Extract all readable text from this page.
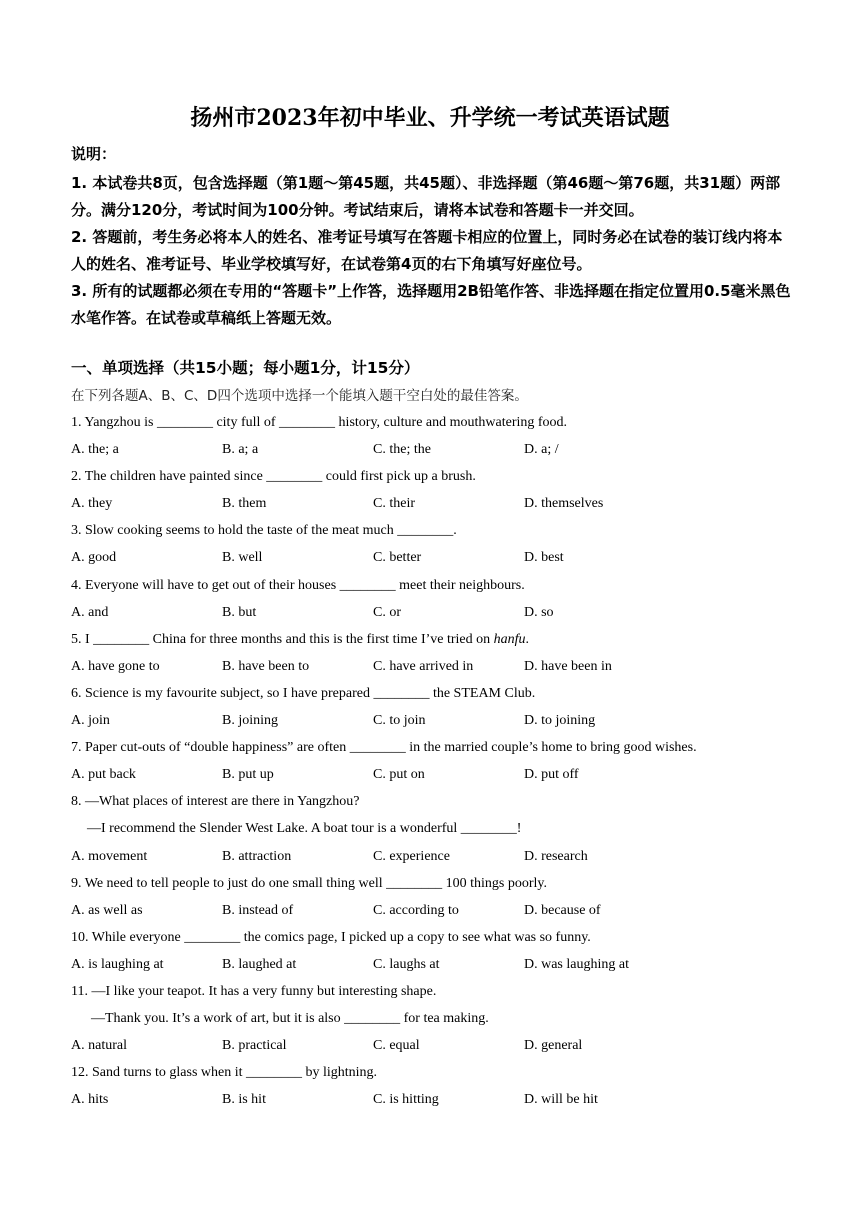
扬州市2023年初中毕业、升学统一考试英语试题
说明：

1. 本试卷共8页，包含选择题（第1题～第45题，共45题）、非选择题（第46题～第76题，共31题）两部分。满分120分，考试时间为100分钟。考试结束后，请将本试卷和答题卡一并交回。

2. 答题前，考生务必将本人的姓名、准考证号填写在答题卡相应的位置上，同时务必在试卷的装订线内将本人的姓名、准考证号、毕业学校填写好，在试卷第4页的右下角填写好座位号。

3. 所有的试题都必须在专用的“答题卡”上作答，选择题用2B铅笔作答、非选择题在指定位置用0.5毫米黑色水笔作答。在试卷或草稿纸上答题无效。

一、单项选择（共15小题；每小题1分，计15分）
在下列各题A、B、C、D四个选项中选择一个能填入题干空白处的最佳答案。
1. Yangzhou is ________ city full of ________ history, culture and mouthwatering food.
A. the; a	B. a; a	C. the; the	D. a; /
2. The children have painted since ________ could first pick up a brush.
A. they	B. them	C. their	D. themselves
3. Slow cooking seems to hold the taste of the meat much ________.
A. good	B. well	C. better	D. best
4. Everyone will have to get out of their houses ________ meet their neighbours.
A. and	B. but	C. or	D. so
5. I ________ China for three months and this is the first time I’ve tried on hanfu.
A. have gone to	B. have been to	C. have arrived in	D. have been in
6. Science is my favourite subject, so I have prepared ________ the STEAM Club.
A. join	B. joining	C. to join	D. to joining
7. Paper cut-outs of “double happiness” are often ________ in the married couple’s home to bring good wishes.
A. put back	B. put up	C. put on	D. put off
8. —What places of interest are there in Yangzhou?
—I recommend the Slender West Lake. A boat tour is a wonderful ________!
A. movement	B. attraction	C. experience	D. research
9. We need to tell people to just do one small thing well ________ 100 things poorly.
A. as well as	B. instead of	C. according to	D. because of
10. While everyone ________ the comics page, I picked up a copy to see what was so funny.
A. is laughing at	B. laughed at	C. laughs at	D. was laughing at
11. —I like your teapot. It has a very funny but interesting shape.
—Thank you. It’s a work of art, but it is also ________ for tea making.
A. natural	B. practical	C. equal	D. general
12. Sand turns to glass when it ________ by lightning.
A. hits	B. is hit	C. is hitting	D. will be hit
